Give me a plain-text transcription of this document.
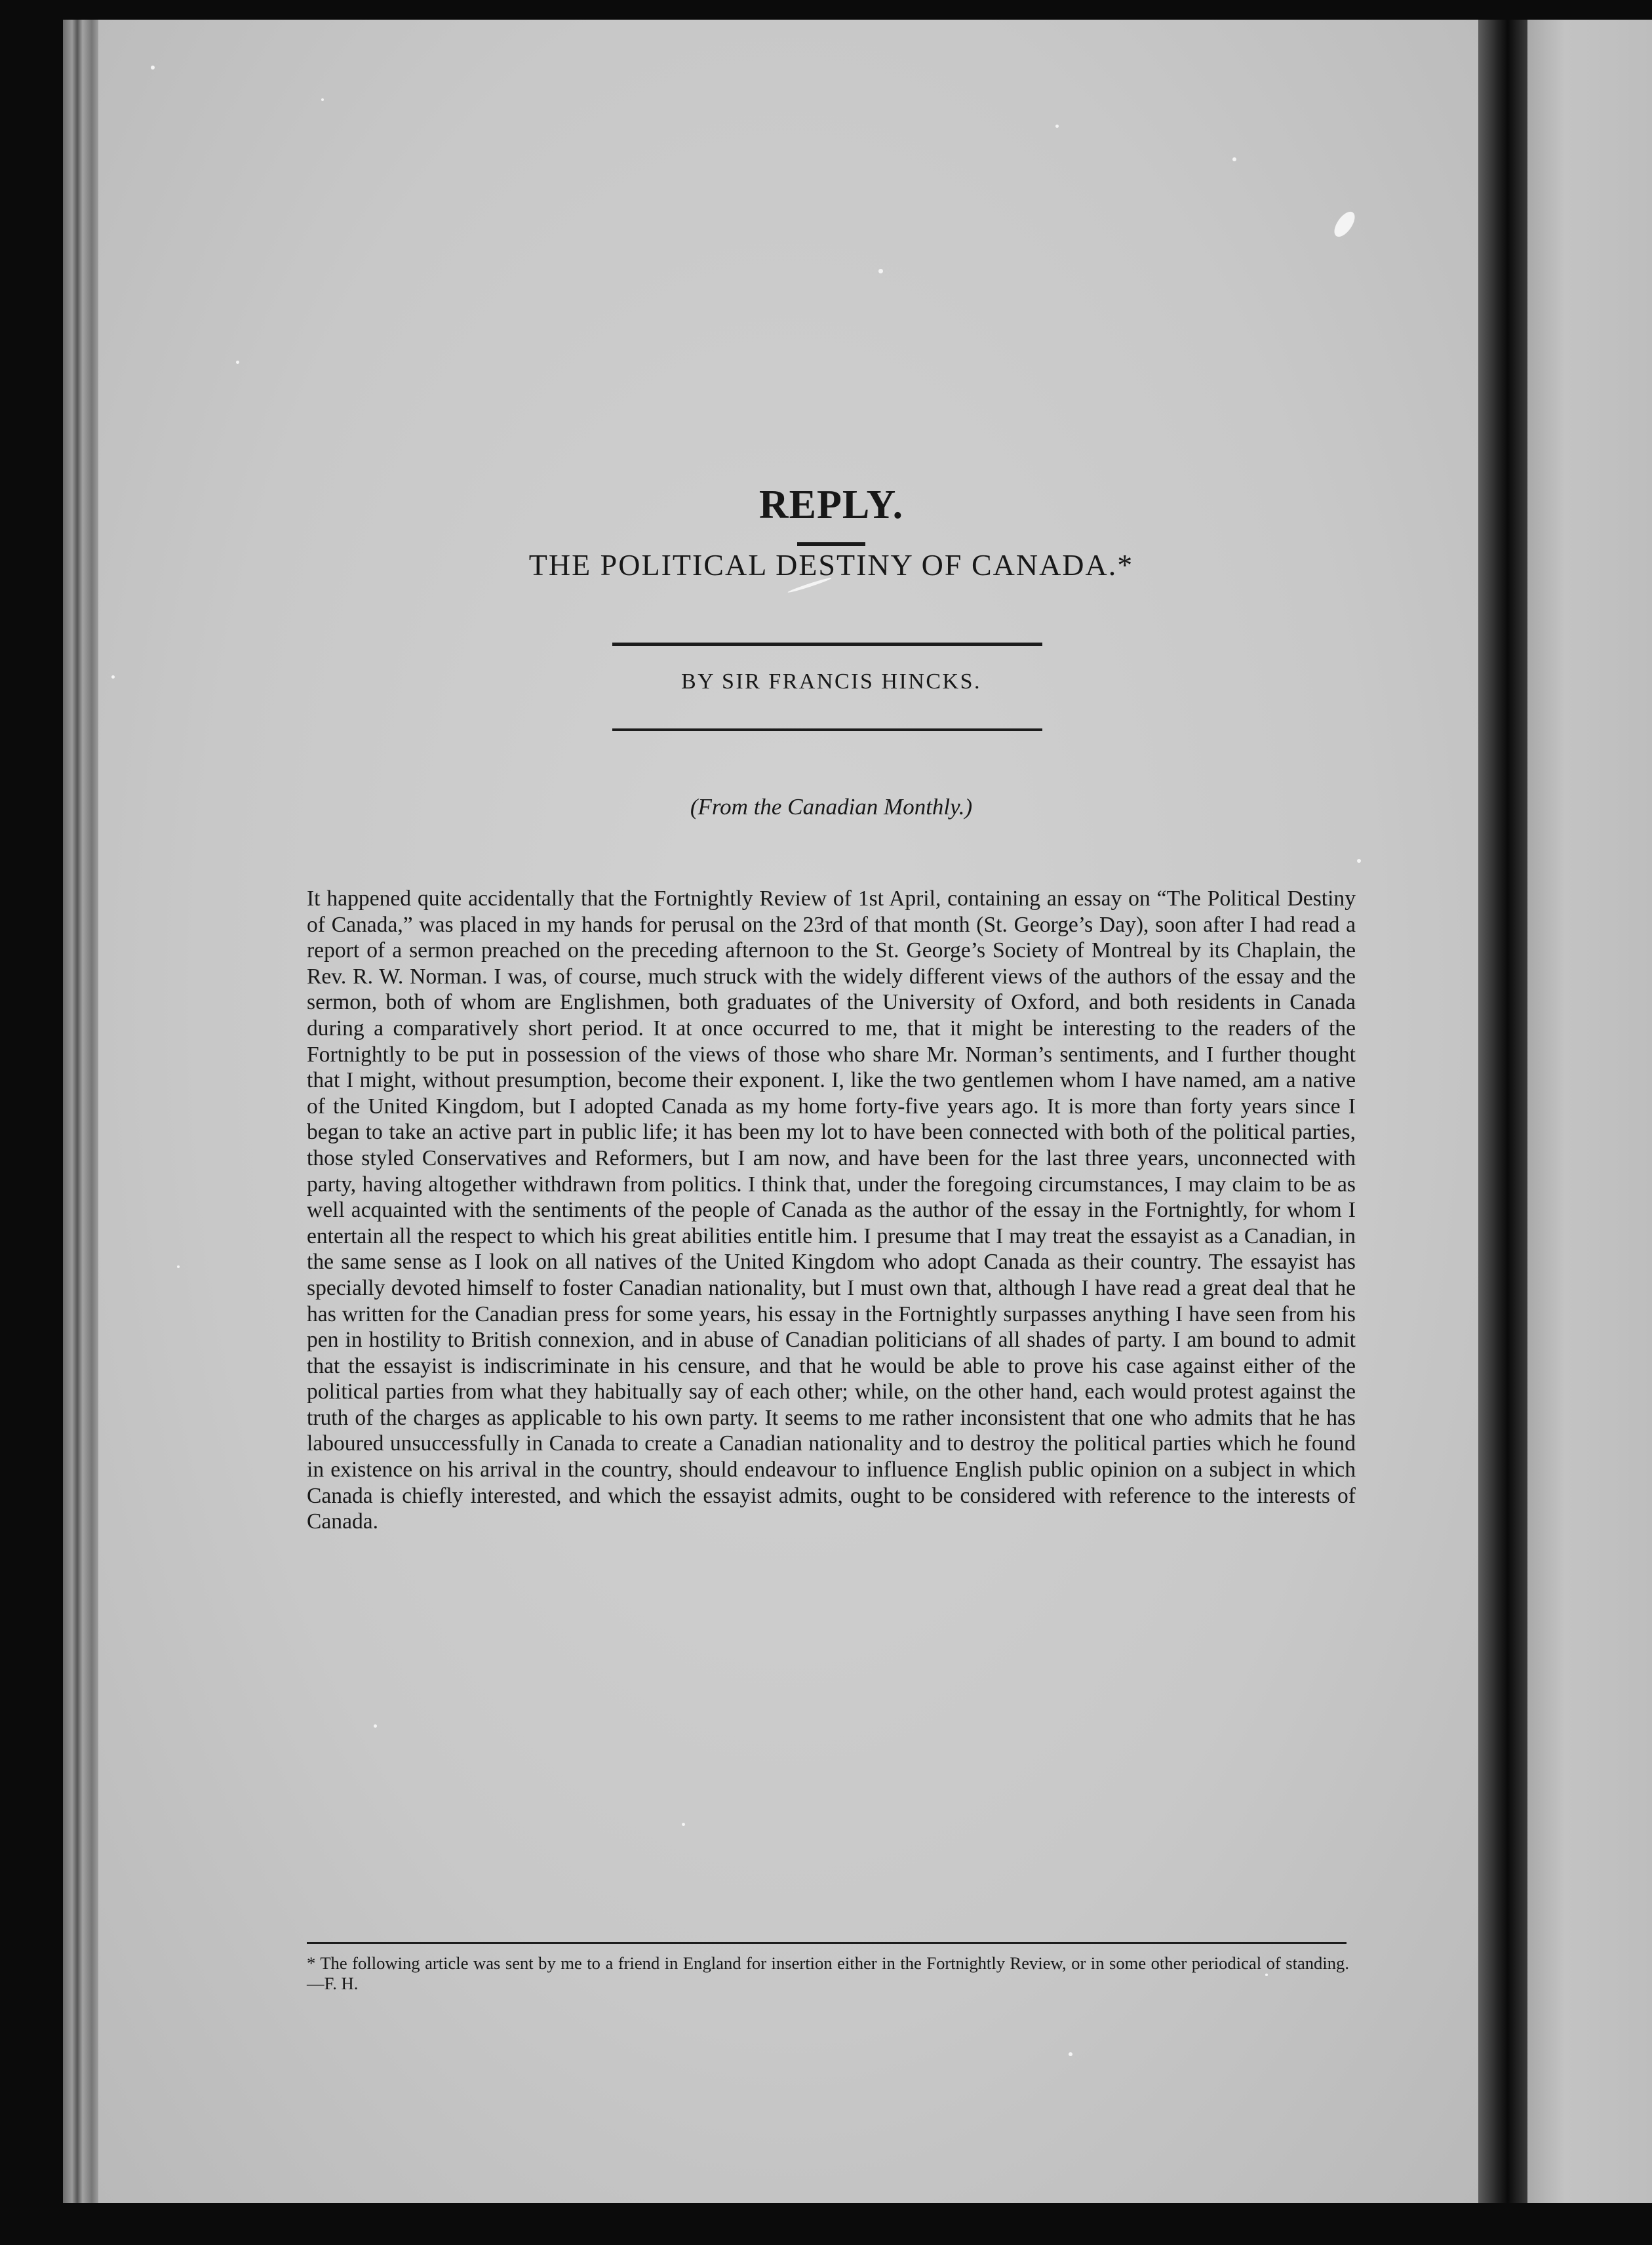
REPLY.
THE POLITICAL DESTINY OF CANADA.*
BY SIR FRANCIS HINCKS.
(From the Canadian Monthly.)

It happened quite accidentally that the Fortnightly Review of 1st April, containing an essay on “The Political Destiny of Canada,” was placed in my hands for perusal on the 23rd of that month (St. George’s Day), soon after I had read a report of a sermon preached on the preceding afternoon to the St. George’s Society of Montreal by its Chaplain, the Rev. R. W. Norman. I was, of course, much struck with the widely different views of the authors of the essay and the sermon, both of whom are Englishmen, both graduates of the University of Oxford, and both residents in Canada during a comparatively short period. It at once occurred to me, that it might be interesting to the readers of the Fortnightly to be put in possession of the views of those who share Mr. Norman’s sentiments, and I further thought that I might, without presumption, become their exponent. I, like the two gentlemen whom I have named, am a native of the United Kingdom, but I adopted Canada as my home forty-five years ago. It is more than forty years since I began to take an active part in public life; it has been my lot to have been connected with both of the political parties, those styled Conservatives and Reformers, but I am now, and have been for the last three years, unconnected with party, having altogether withdrawn from politics. I think that, under the foregoing circumstances, I may claim to be as well acquainted with the sentiments of the people of Canada as the author of the essay in the Fortnightly, for whom I entertain all the respect to which his great abilities entitle him. I presume that I may treat the essayist as a Canadian, in the same sense as I look on all natives of the United Kingdom who adopt Canada as their country. The essayist has specially devoted himself to foster Canadian nationality, but I must own that, although I have read a great deal that he has written for the Canadian press for some years, his essay in the Fortnightly surpasses anything I have seen from his pen in hostility to British connexion, and in abuse of Canadian politicians of all shades of party. I am bound to admit that the essayist is indiscriminate in his censure, and that he would be able to prove his case against either of the political parties from what they habitually say of each other; while, on the other hand, each would protest against the truth of the charges as applicable to his own party. It seems to me rather inconsistent that one who admits that he has laboured unsuccessfully in Canada to create a Canadian nationality and to destroy the political parties which he found in existence on his arrival in the country, should endeavour to influence English public opinion on a subject in which Canada is chiefly interested, and which the essayist admits, ought to be considered with reference to the interests of Canada.

* The following article was sent by me to a friend in England for insertion either in the Fortnightly Review, or in some other periodical of standing.—F. H.
